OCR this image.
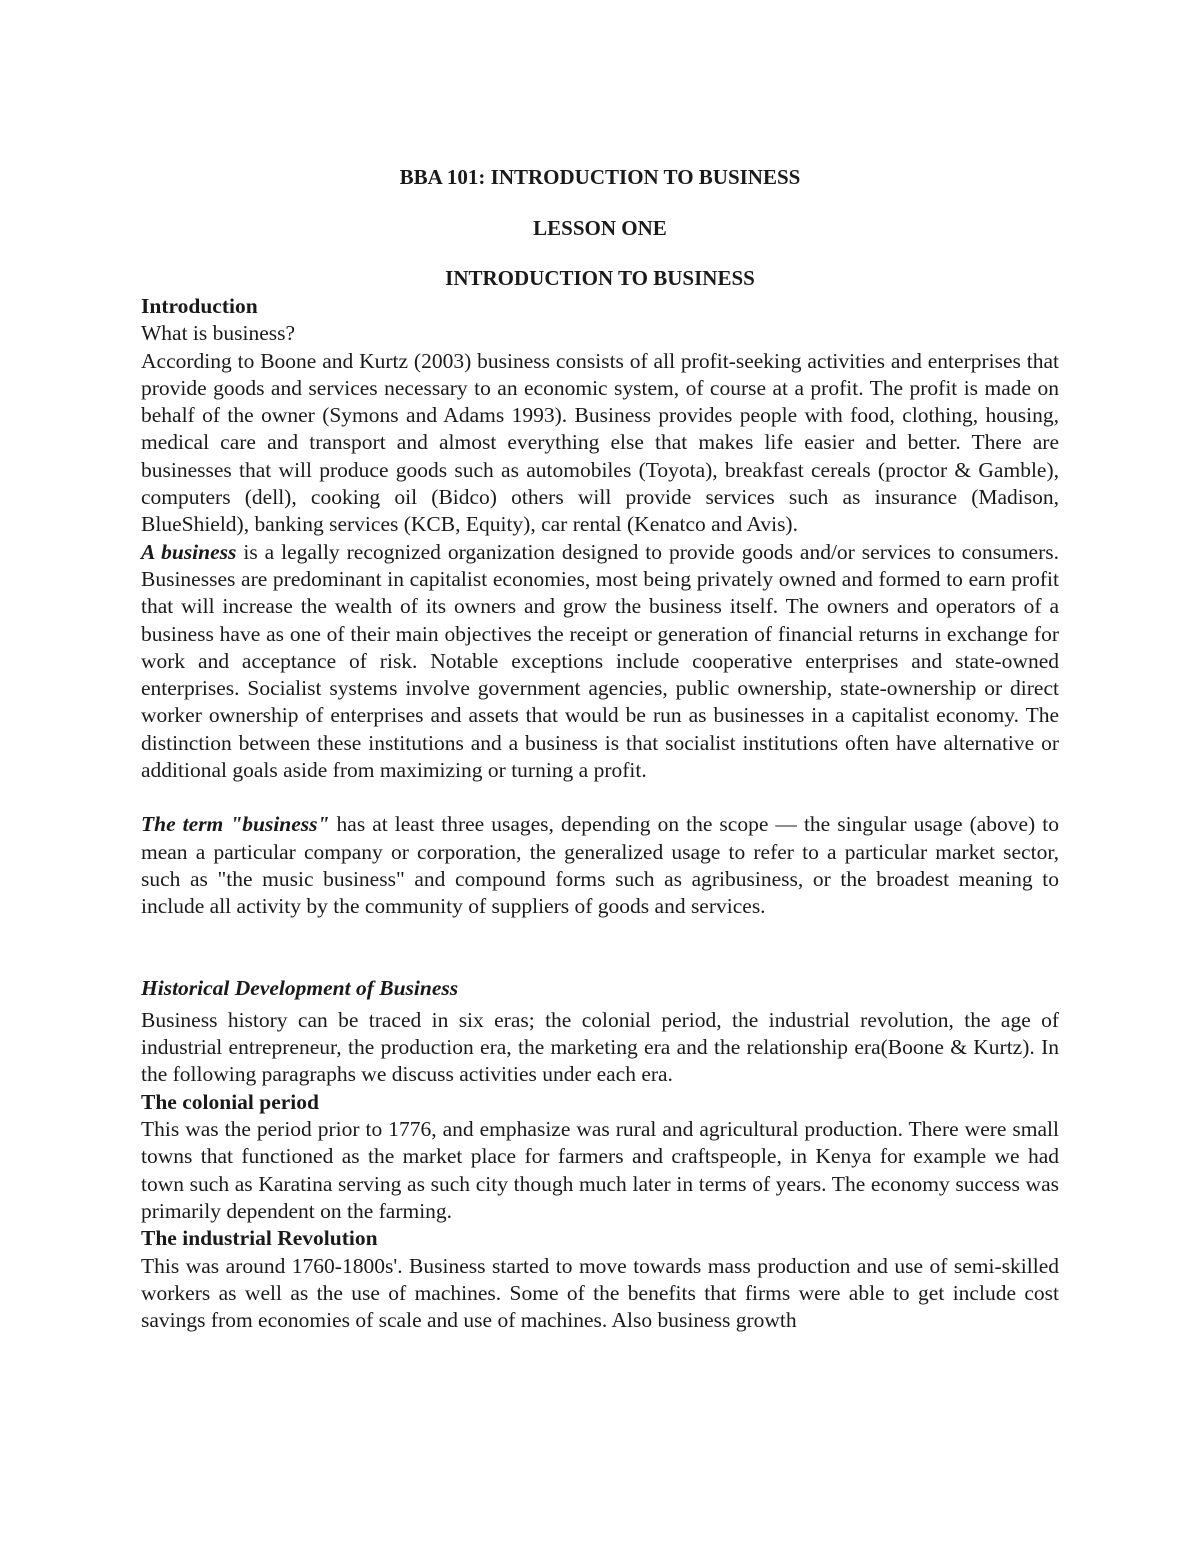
BBA 101: INTRODUCTION TO BUSINESS
LESSON ONE
INTRODUCTION TO BUSINESS
Introduction
What is business?

According to Boone and Kurtz (2003) business consists of all profit-seeking activities and enterprises that provide goods and services necessary to an economic system, of course at a profit. The profit is made on behalf of the owner (Symons and Adams 1993). Business provides people with food, clothing, housing, medical care and transport and almost everything else that makes life easier and better. There are businesses that will produce goods such as automobiles (Toyota), breakfast cereals (proctor & Gamble), computers (dell), cooking oil (Bidco) others will provide services such as insurance (Madison, BlueShield), banking services (KCB, Equity), car rental (Kenatco and Avis).

A business is a legally recognized organization designed to provide goods and/or services to consumers. Businesses are predominant in capitalist economies, most being privately owned and formed to earn profit that will increase the wealth of its owners and grow the business itself. The owners and operators of a business have as one of their main objectives the receipt or generation of financial returns in exchange for work and acceptance of risk. Notable exceptions include cooperative enterprises and state-owned enterprises. Socialist systems involve government agencies, public ownership, state-ownership or direct worker ownership of enterprises and assets that would be run as businesses in a capitalist economy. The distinction between these institutions and a business is that socialist institutions often have alternative or additional goals aside from maximizing or turning a profit.

The term "business" has at least three usages, depending on the scope — the singular usage (above) to mean a particular company or corporation, the generalized usage to refer to a particular market sector, such as "the music business" and compound forms such as agribusiness, or the broadest meaning to include all activity by the community of suppliers of goods and services.

Historical Development of Business

Business history can be traced in six eras; the colonial period, the industrial revolution, the age of industrial entrepreneur, the production era, the marketing era and the relationship era(Boone & Kurtz). In the following paragraphs we discuss activities under each era.

The colonial period

This was the period prior to 1776, and emphasize was rural and agricultural production. There were small towns that functioned as the market place for farmers and craftspeople, in Kenya for example we had town such as Karatina serving as such city though much later in terms of years. The economy success was primarily dependent on the farming.

The industrial Revolution

This was around 1760-1800s'. Business started to move towards mass production and use of semi-skilled workers as well as the use of machines. Some of the benefits that firms were able to get include cost savings from economies of scale and use of machines. Also business growth
